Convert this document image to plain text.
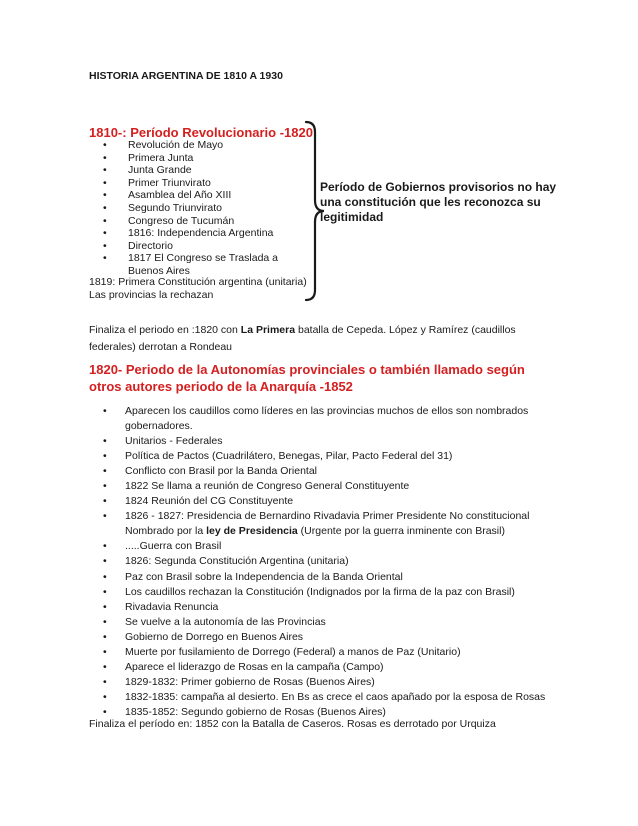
HISTORIA ARGENTINA DE 1810 A 1930
1810-: Período Revolucionario -1820
• Revolución de Mayo
• Primera Junta
• Junta Grande
• Primer Triunvirato
• Asamblea del Año XIII
• Segundo Triunvirato
• Congreso de Tucumán
• 1816: Independencia Argentina
• Directorio
• 1817 El Congreso se Traslada a Buenos Aires
1819: Primera Constitución argentina (unitaria)
Las provincias la rechazan
Período de Gobiernos provisorios no hay una constitución que les reconozca su legitimidad
Finaliza el periodo en :1820 con La Primera batalla de Cepeda. López y Ramírez (caudillos federales) derrotan a Rondeau
1820- Periodo de la Autonomías provinciales o también llamado según otros autores periodo de la Anarquía -1852
• Aparecen los caudillos como líderes en las provincias muchos de ellos son nombrados gobernadores.
• Unitarios - Federales
• Política de Pactos (Cuadrilátero, Benegas, Pilar, Pacto Federal del 31)
• Conflicto con Brasil por la Banda Oriental
• 1822 Se llama a reunión de Congreso General Constituyente
• 1824 Reunión del CG Constituyente
• 1826 - 1827: Presidencia de Bernardino Rivadavia Primer Presidente No constitucional Nombrado por la ley de Presidencia (Urgente por la guerra inminente con Brasil)
• .....Guerra con Brasil
• 1826: Segunda Constitución Argentina (unitaria)
• Paz con Brasil sobre la Independencia de la Banda Oriental
• Los caudillos rechazan la Constitución (Indignados por la firma de la paz con Brasil)
• Rivadavia Renuncia
• Se vuelve a la autonomía de las Provincias
• Gobierno de Dorrego en Buenos Aires
• Muerte por fusilamiento de Dorrego (Federal) a manos de Paz (Unitario)
• Aparece el liderazgo de Rosas en la campaña (Campo)
• 1829-1832: Primer gobierno de Rosas (Buenos Aires)
• 1832-1835: campaña al desierto. En Bs as crece el caos apañado por la esposa de Rosas
• 1835-1852: Segundo gobierno de Rosas (Buenos Aires)
Finaliza el período en: 1852 con la Batalla de Caseros. Rosas es derrotado por Urquiza
